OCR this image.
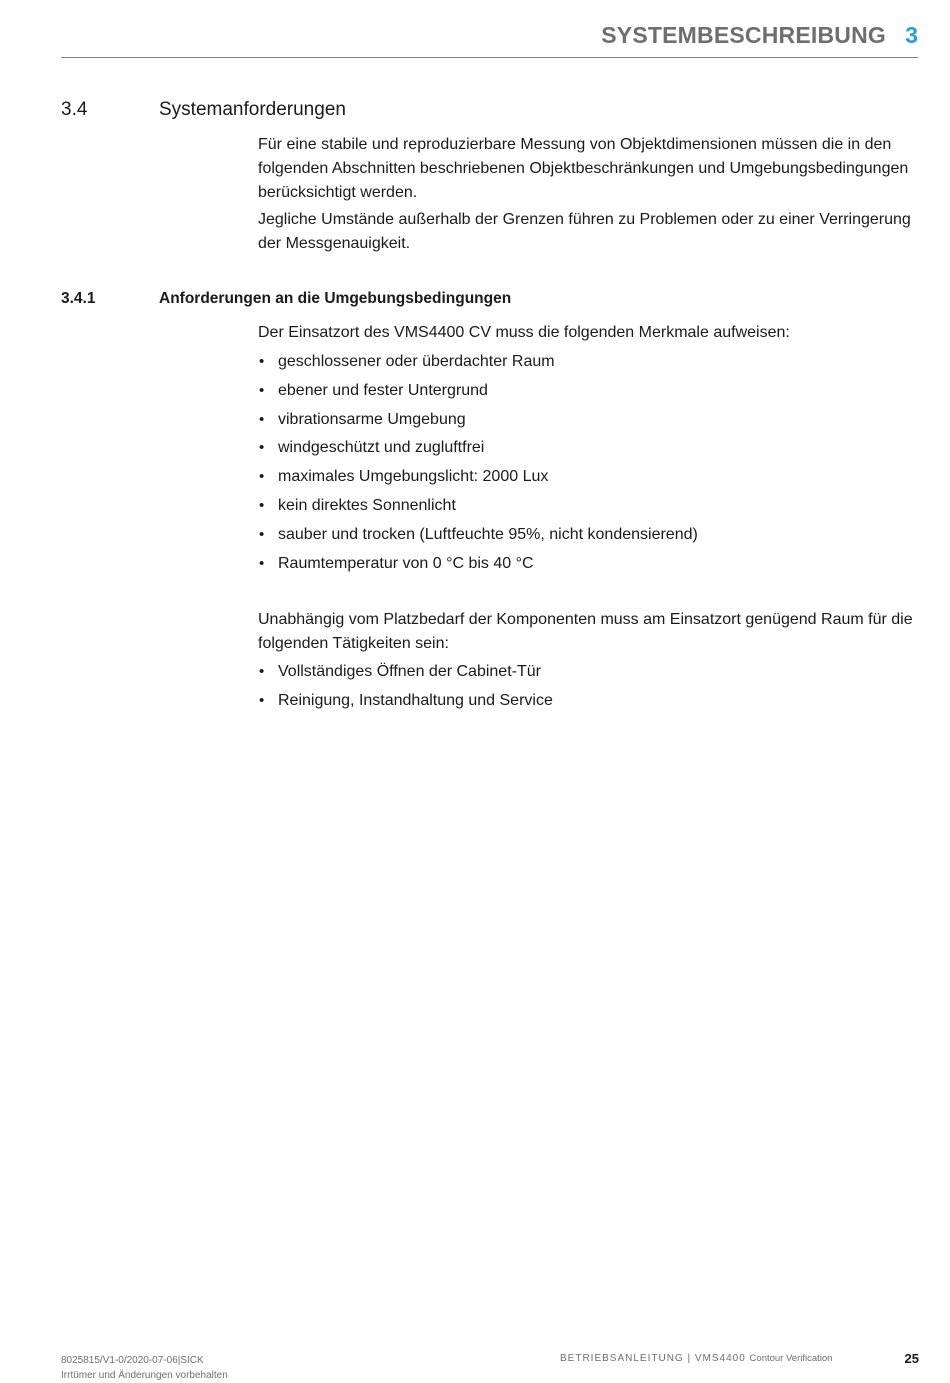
SYSTEMBESCHREIBUNG 3
3.4	Systemanforderungen
Für eine stabile und reproduzierbare Messung von Objektdimensionen müssen die in den folgenden Abschnitten beschriebenen Objektbeschränkungen und Umgebungsbedingungen berücksichtigt werden.
Jegliche Umstände außerhalb der Grenzen führen zu Problemen oder zu einer Verringerung der Messgenauigkeit.
3.4.1	Anforderungen an die Umgebungsbedingungen
Der Einsatzort des VMS4400 CV muss die folgenden Merkmale aufweisen:
• geschlossener oder überdachter Raum
• ebener und fester Untergrund
• vibrationsarme Umgebung
• windgeschützt und zugluftfrei
• maximales Umgebungslicht: 2000 Lux
• kein direktes Sonnenlicht
• sauber und trocken (Luftfeuchte 95%, nicht kondensierend)
• Raumtemperatur von 0 °C bis 40 °C
Unabhängig vom Platzbedarf der Komponenten muss am Einsatzort genügend Raum für die folgenden Tätigkeiten sein:
• Vollständiges Öffnen der Cabinet-Tür
• Reinigung, Instandhaltung und Service
8025815/V1-0/2020-07-06|SICK
Irrtümer und Änderungen vorbehalten
BETRIEBSANLEITUNG | VMS4400 Contour Verification	25
